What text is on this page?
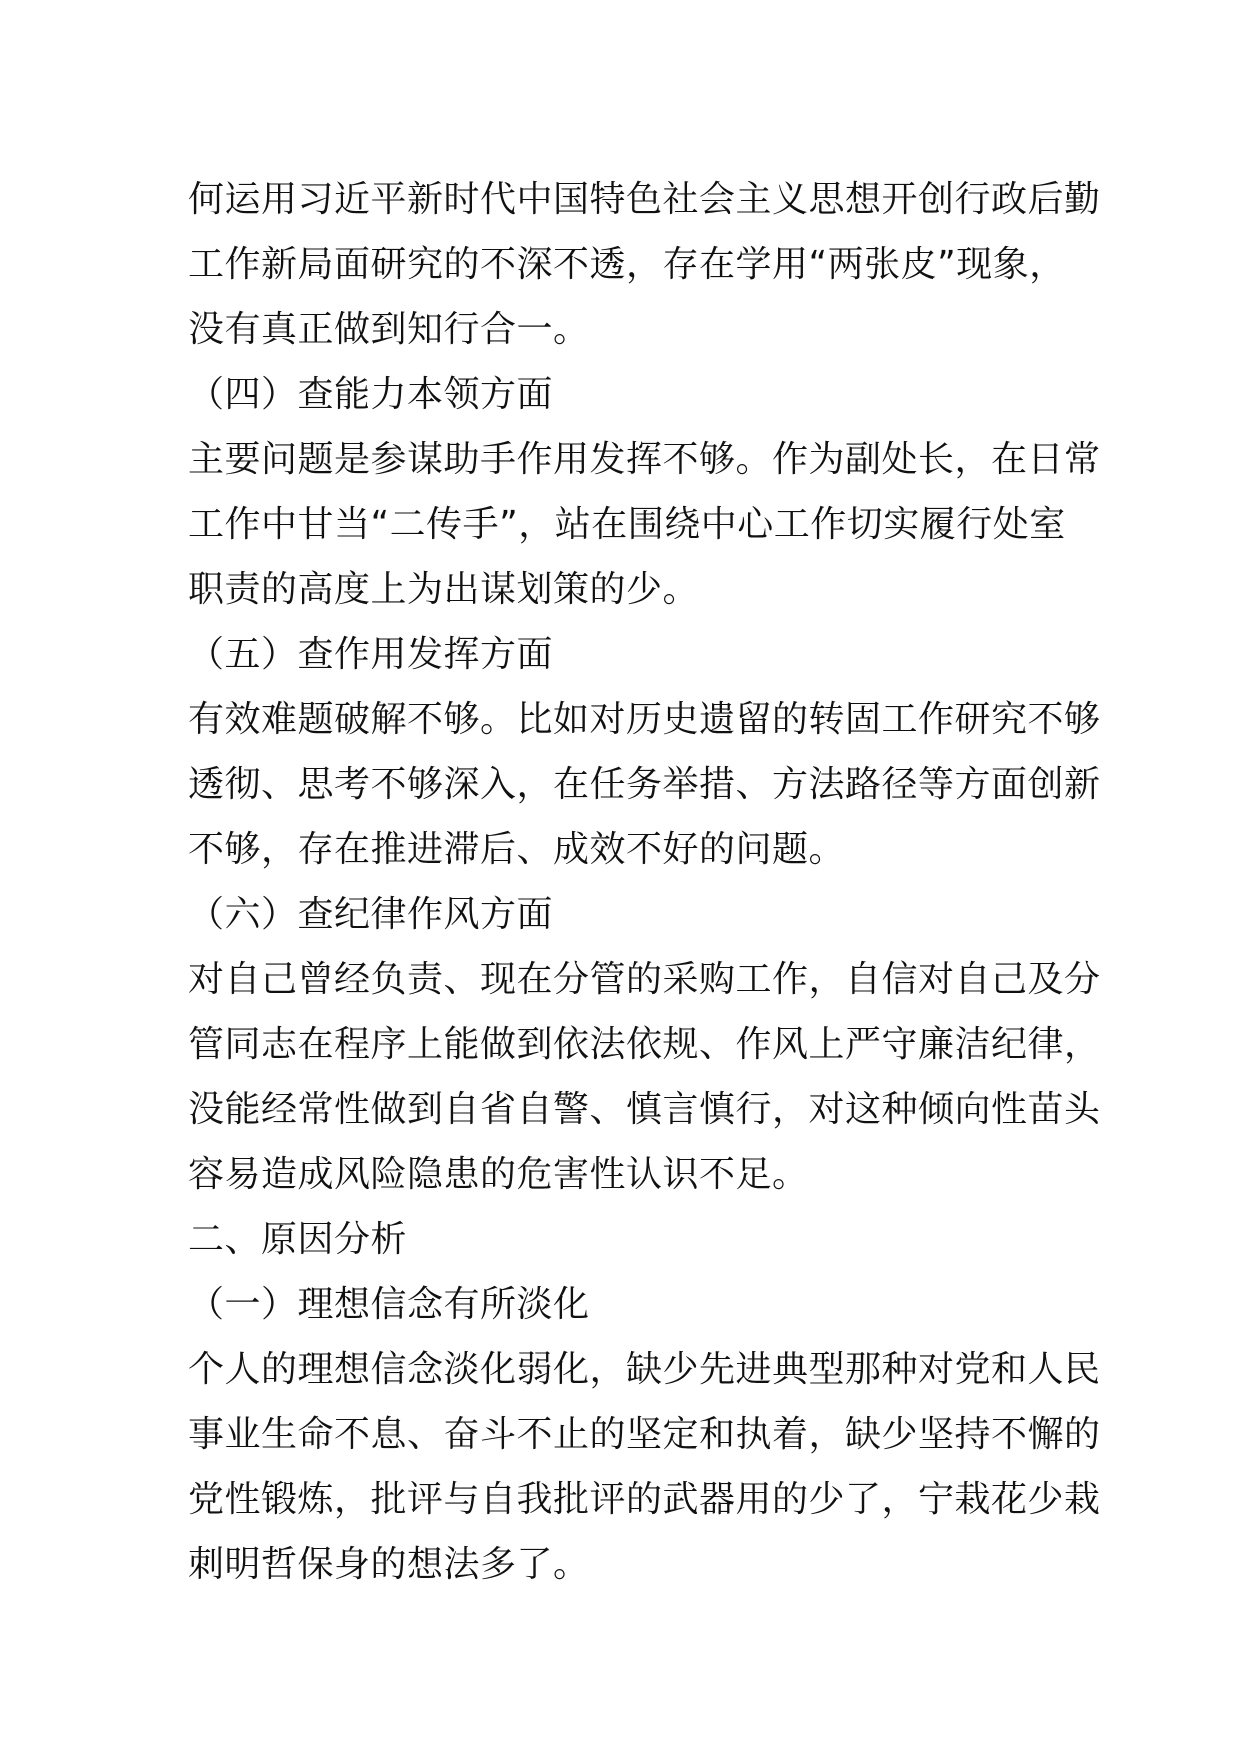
何运用习近平新时代中国特色社会主义思想开创行政后勤
工作新局面研究的不深不透，存在学用“两张皮”现象，
没有真正做到知行合一。
（四）查能力本领方面
主要问题是参谋助手作用发挥不够。作为副处长，在日常
工作中甘当“二传手”，站在围绕中心工作切实履行处室
职责的高度上为出谋划策的少。
（五）查作用发挥方面
有效难题破解不够。比如对历史遗留的转固工作研究不够
透彻、思考不够深入，在任务举措、方法路径等方面创新
不够，存在推进滞后、成效不好的问题。
（六）查纪律作风方面
对自己曾经负责、现在分管的采购工作，自信对自己及分
管同志在程序上能做到依法依规、作风上严守廉洁纪律，
没能经常性做到自省自警、慎言慎行，对这种倾向性苗头
容易造成风险隐患的危害性认识不足。
二、原因分析
（一）理想信念有所淡化
个人的理想信念淡化弱化，缺少先进典型那种对党和人民
事业生命不息、奋斗不止的坚定和执着，缺少坚持不懈的
党性锻炼，批评与自我批评的武器用的少了，宁栽花少栽
刺明哲保身的想法多了。
